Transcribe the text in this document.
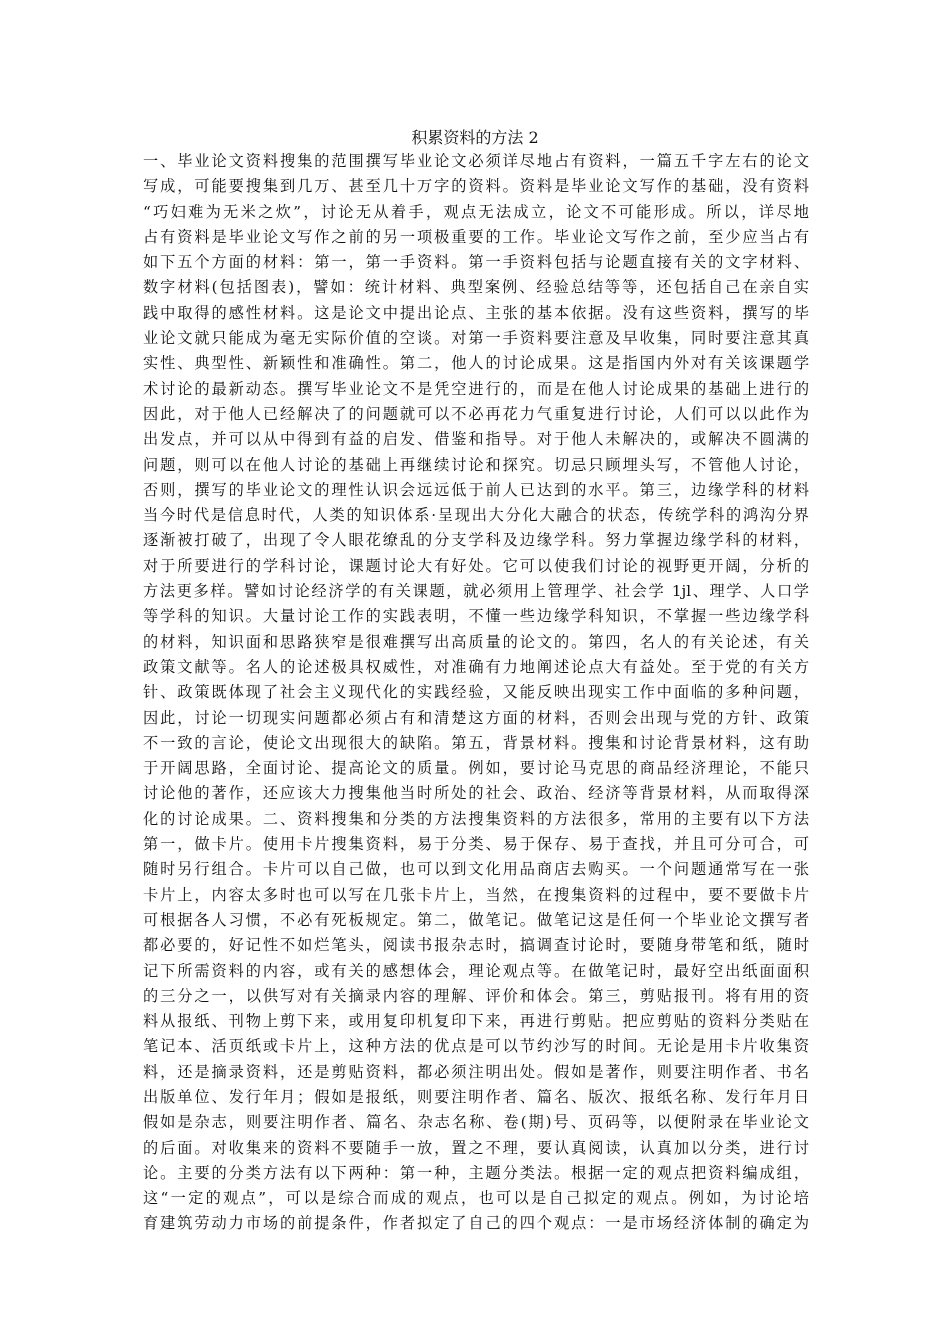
积累资料的方法 2
一、毕业论文资料搜集的范围撰写毕业论文必须详尽地占有资料，一篇五千字左右的论文
写成，可能要搜集到几万、甚至几十万字的资料。资料是毕业论文写作的基础，没有资料
“巧妇难为无米之炊”，讨论无从着手，观点无法成立，论文不可能形成。所以，详尽地
占有资料是毕业论文写作之前的另一项极重要的工作。毕业论文写作之前，至少应当占有
如下五个方面的材料：第一，第一手资料。第一手资料包括与论题直接有关的文字材料、
数字材料(包括图表)，譬如：统计材料、典型案例、经验总结等等，还包括自己在亲自实
践中取得的感性材料。这是论文中提出论点、主张的基本依据。没有这些资料，撰写的毕
业论文就只能成为毫无实际价值的空谈。对第一手资料要注意及早收集，同时要注意其真
实性、典型性、新颖性和准确性。第二，他人的讨论成果。这是指国内外对有关该课题学
术讨论的最新动态。撰写毕业论文不是凭空进行的，而是在他人讨论成果的基础上进行的
因此，对于他人已经解决了的问题就可以不必再花力气重复进行讨论，人们可以以此作为
出发点，并可以从中得到有益的启发、借鉴和指导。对于他人未解决的，或解决不圆满的
问题，则可以在他人讨论的基础上再继续讨论和探究。切忌只顾埋头写，不管他人讨论，
否则，撰写的毕业论文的理性认识会远远低于前人已达到的水平。第三，边缘学科的材料
当今时代是信息时代，人类的知识体系·呈现出大分化大融合的状态，传统学科的鸿沟分界
逐渐被打破了，出现了令人眼花缭乱的分支学科及边缘学科。努力掌握边缘学科的材料，
对于所要进行的学科讨论，课题讨论大有好处。它可以使我们讨论的视野更开阔，分析的
方法更多样。譬如讨论经济学的有关课题，就必须用上管理学、社会学 1jl、理学、人口学
等学科的知识。大量讨论工作的实践表明，不懂一些边缘学科知识，不掌握一些边缘学科
的材料，知识面和思路狭窄是很难撰写出高质量的论文的。第四，名人的有关论述，有关
政策文献等。名人的论述极具权威性，对准确有力地阐述论点大有益处。至于党的有关方
针、政策既体现了社会主义现代化的实践经验，又能反映出现实工作中面临的多种问题，
因此，讨论一切现实问题都必须占有和清楚这方面的材料，否则会出现与党的方针、政策
不一致的言论，使论文出现很大的缺陷。第五，背景材料。搜集和讨论背景材料，这有助
于开阔思路，全面讨论、提高论文的质量。例如，要讨论马克思的商品经济理论，不能只
讨论他的著作，还应该大力搜集他当时所处的社会、政治、经济等背景材料，从而取得深
化的讨论成果。二、资料搜集和分类的方法搜集资料的方法很多，常用的主要有以下方法
第一，做卡片。使用卡片搜集资料，易于分类、易于保存、易于查找，并且可分可合，可
随时另行组合。卡片可以自己做，也可以到文化用品商店去购买。一个问题通常写在一张
卡片上，内容太多时也可以写在几张卡片上，当然，在搜集资料的过程中，要不要做卡片
可根据各人习惯，不必有死板规定。第二，做笔记。做笔记这是任何一个毕业论文撰写者
都必要的，好记性不如烂笔头，阅读书报杂志时，搞调查讨论时，要随身带笔和纸，随时
记下所需资料的内容，或有关的感想体会，理论观点等。在做笔记时，最好空出纸面面积
的三分之一，以供写对有关摘录内容的理解、评价和体会。第三，剪贴报刊。将有用的资
料从报纸、刊物上剪下来，或用复印机复印下来，再进行剪贴。把应剪贴的资料分类贴在
笔记本、活页纸或卡片上，这种方法的优点是可以节约沙写的时间。无论是用卡片收集资
料，还是摘录资料，还是剪贴资料，都必须注明出处。假如是著作，则要注明作者、书名
出版单位、发行年月；假如是报纸，则要注明作者、篇名、版次、报纸名称、发行年月日
假如是杂志，则要注明作者、篇名、杂志名称、卷(期)号、页码等，以便附录在毕业论文
的后面。对收集来的资料不要随手一放，置之不理，要认真阅读，认真加以分类，进行讨
论。主要的分类方法有以下两种：第一种，主题分类法。根据一定的观点把资料编成组，
这“一定的观点”，可以是综合而成的观点，也可以是自己拟定的观点。例如，为讨论培
育建筑劳动力市场的前提条件，作者拟定了自己的四个观点：一是市场经济体制的确定为
